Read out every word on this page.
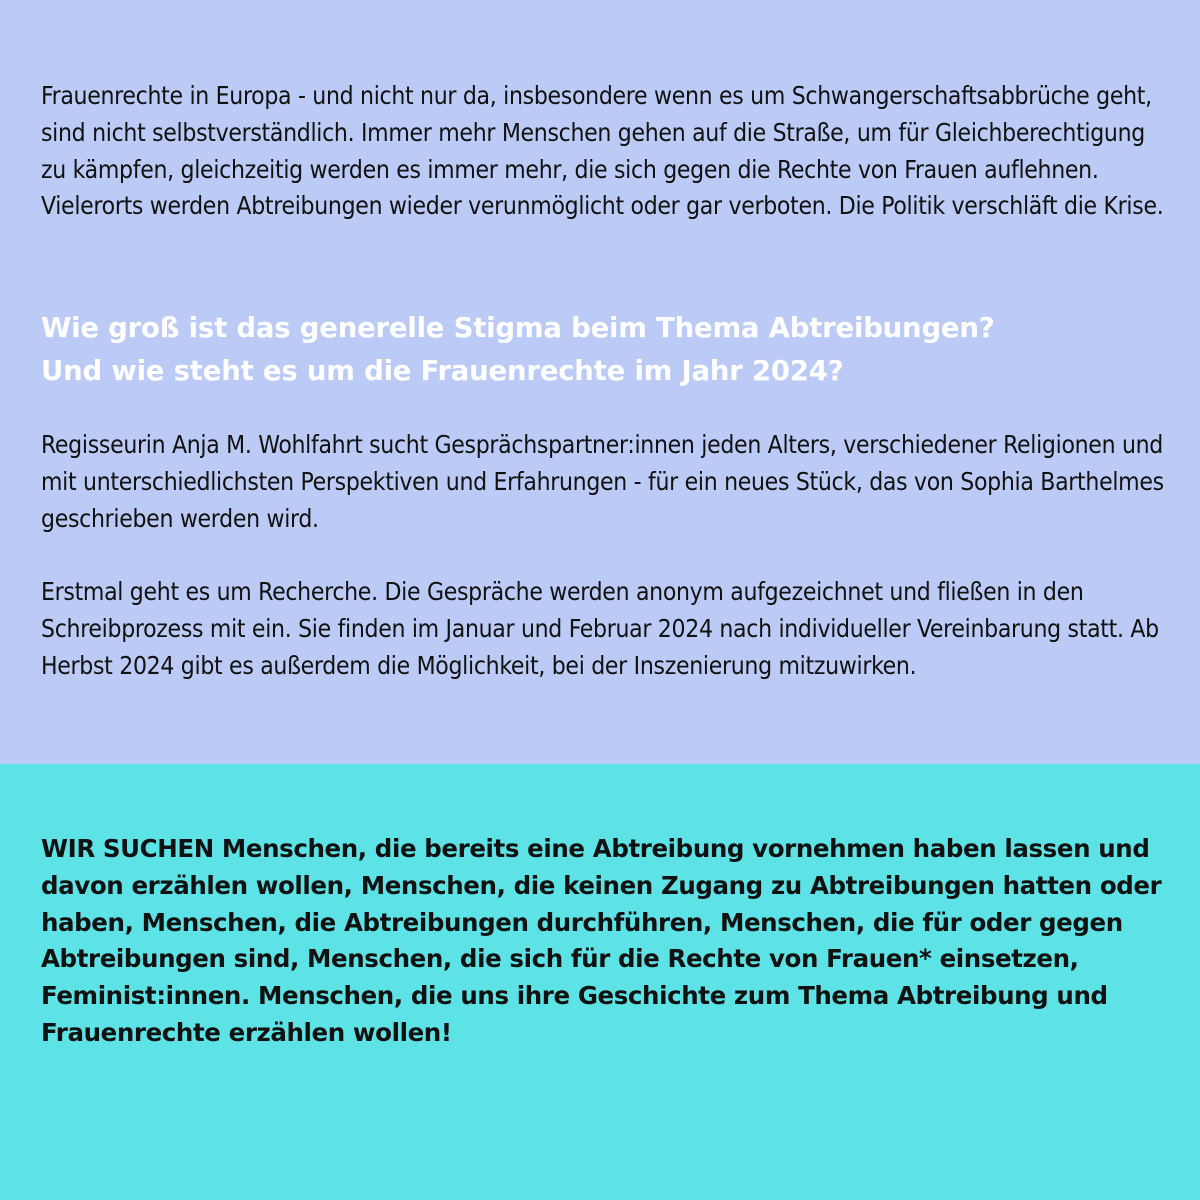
Frauenrechte in Europa - und nicht nur da, insbesondere wenn es um Schwangerschaftsabbrüche geht, sind nicht selbstverständlich. Immer mehr Menschen gehen auf die Straße, um für Gleichberechtigung zu kämpfen, gleichzeitig werden es immer mehr, die sich gegen die Rechte von Frauen auflehnen. Vielerorts werden Abtreibungen wieder verunmöglicht oder gar verboten. Die Politik verschläft die Krise.

Wie groß ist das generelle Stigma beim Thema Abtreibungen?
Und wie steht es um die Frauenrechte im Jahr 2024?

Regisseurin Anja M. Wohlfahrt sucht Gesprächspartner:innen jeden Alters, verschiedener Religionen und mit unterschiedlichsten Perspektiven und Erfahrungen - für ein neues Stück, das von Sophia Barthelmes geschrieben werden wird.

Erstmal geht es um Recherche. Die Gespräche werden anonym aufgezeichnet und fließen in den Schreibprozess mit ein. Sie finden im Januar und Februar 2024 nach individueller Vereinbarung statt. Ab Herbst 2024 gibt es außerdem die Möglichkeit, bei der Inszenierung mitzuwirken.

WIR SUCHEN Menschen, die bereits eine Abtreibung vornehmen haben lassen und davon erzählen wollen, Menschen, die keinen Zugang zu Abtreibungen hatten oder haben, Menschen, die Abtreibungen durchführen, Menschen, die für oder gegen Abtreibungen sind, Menschen, die sich für die Rechte von Frauen* einsetzen, Feminist:innen. Menschen, die uns ihre Geschichte zum Thema Abtreibung und Frauenrechte erzählen wollen!
